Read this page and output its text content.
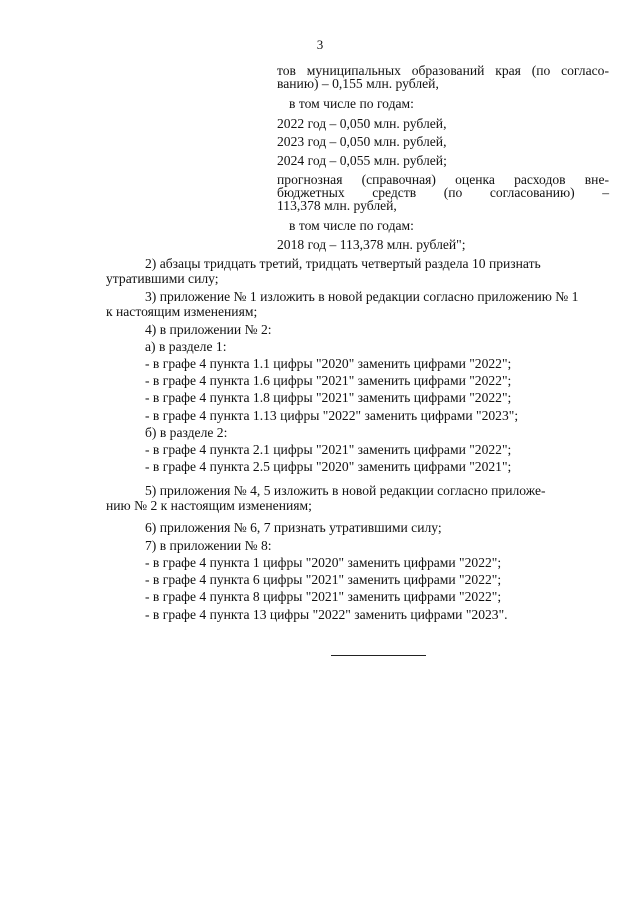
3
тов муниципальных образований края (по согласо-
ванию) – 0,155 млн. рублей,
в том числе по годам:
2022 год – 0,050 млн. рублей,
2023 год – 0,050 млн. рублей,
2024 год – 0,055 млн. рублей;
прогнозная (справочная) оценка расходов вне-
бюджетных средств (по согласованию) –
113,378 млн. рублей,
в том числе по годам:
2018 год – 113,378 млн. рублей";
2) абзацы тридцать третий, тридцать четвертый раздела 10 признать
утратившими силу;
3) приложение № 1 изложить в новой редакции согласно приложению № 1
к настоящим изменениям;
4) в приложении № 2:
а) в разделе 1:
- в графе 4 пункта 1.1 цифры "2020" заменить цифрами "2022";
- в графе 4 пункта 1.6 цифры "2021" заменить цифрами "2022";
- в графе 4 пункта 1.8 цифры "2021" заменить цифрами "2022";
- в графе 4 пункта 1.13 цифры "2022" заменить цифрами "2023";
б) в разделе 2:
- в графе 4 пункта 2.1 цифры "2021" заменить цифрами "2022";
- в графе 4 пункта 2.5 цифры "2020" заменить цифрами "2021";
5) приложения № 4, 5 изложить в новой редакции согласно приложе-
нию № 2 к настоящим изменениям;
6) приложения № 6, 7 признать утратившими силу;
7) в приложении № 8:
- в графе 4 пункта 1 цифры "2020" заменить цифрами "2022";
- в графе 4 пункта 6 цифры "2021" заменить цифрами "2022";
- в графе 4 пункта 8 цифры "2021" заменить цифрами "2022";
- в графе 4 пункта 13 цифры "2022" заменить цифрами "2023".
